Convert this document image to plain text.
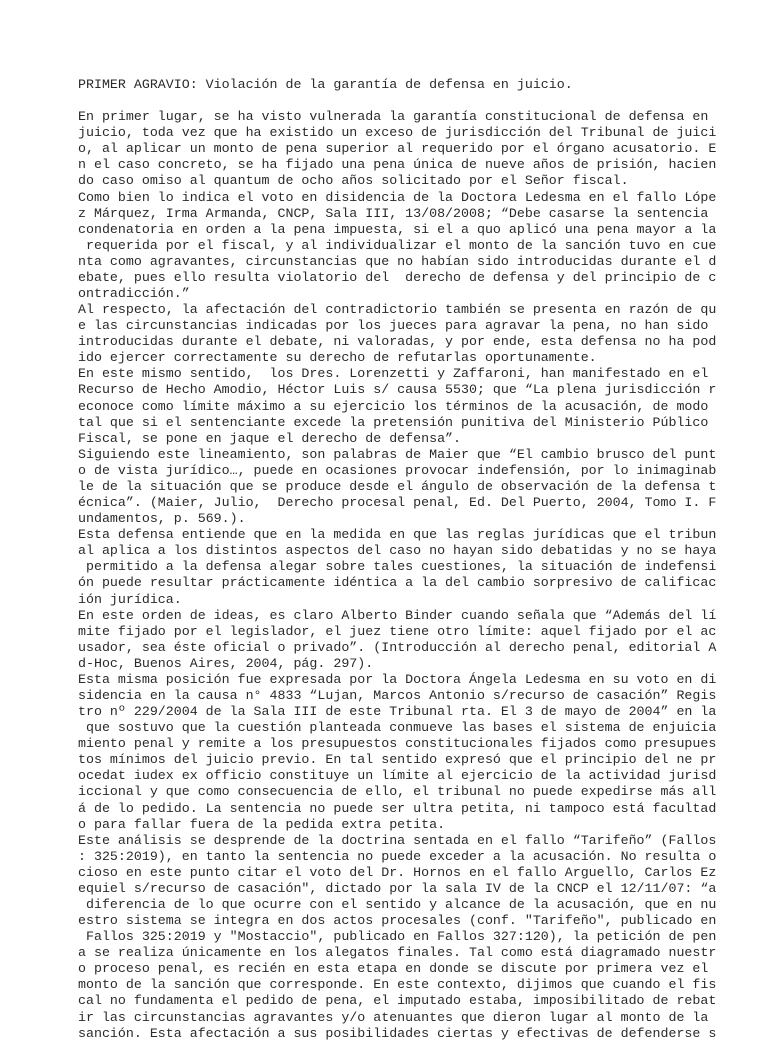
PRIMER AGRAVIO: Violación de la garantía de defensa en juicio.
En primer lugar, se ha visto vulnerada la garantía constitucional de defensa en
juicio, toda vez que ha existido un exceso de jurisdicción del Tribunal de juici
o, al aplicar un monto de pena superior al requerido por el órgano acusatorio. E
n el caso concreto, se ha fijado una pena única de nueve años de prisión, hacien
do caso omiso al quantum de ocho años solicitado por el Señor fiscal.
Como bien lo indica el voto en disidencia de la Doctora Ledesma en el fallo Lópe
z Márquez, Irma Armanda, CNCP, Sala III, 13/08/2008; “Debe casarse la sentencia
condenatoria en orden a la pena impuesta, si el a quo aplicó una pena mayor a la
requerida por el fiscal, y al individualizar el monto de la sanción tuvo en cue
nta como agravantes, circunstancias que no habían sido introducidas durante el d
ebate, pues ello resulta violatorio del  derecho de defensa y del principio de c
ontradicción.”
Al respecto, la afectación del contradictorio también se presenta en razón de qu
e las circunstancias indicadas por los jueces para agravar la pena, no han sido
introducidas durante el debate, ni valoradas, y por ende, esta defensa no ha pod
ido ejercer correctamente su derecho de refutarlas oportunamente.
En este mismo sentido,  los Dres. Lorenzetti y Zaffaroni, han manifestado en el
Recurso de Hecho Amodio, Héctor Luis s/ causa 5530; que “La plena jurisdicción r
econoce como límite máximo a su ejercicio los términos de la acusación, de modo
tal que si el sentenciante excede la pretensión punitiva del Ministerio Público
Fiscal, se pone en jaque el derecho de defensa”.
Siguiendo este lineamiento, son palabras de Maier que “El cambio brusco del punt
o de vista jurídico…, puede en ocasiones provocar indefensión, por lo inimaginab
le de la situación que se produce desde el ángulo de observación de la defensa t
écnica”. (Maier, Julio,  Derecho procesal penal, Ed. Del Puerto, 2004, Tomo I. F
undamentos, p. 569.).
Esta defensa entiende que en la medida en que las reglas jurídicas que el tribun
al aplica a los distintos aspectos del caso no hayan sido debatidas y no se haya
permitido a la defensa alegar sobre tales cuestiones, la situación de indefensi
ón puede resultar prácticamente idéntica a la del cambio sorpresivo de calificac
ión jurídica.
En este orden de ideas, es claro Alberto Binder cuando señala que “Además del lí
mite fijado por el legislador, el juez tiene otro límite: aquel fijado por el ac
usador, sea éste oficial o privado”. (Introducción al derecho penal, editorial A
d-Hoc, Buenos Aires, 2004, pág. 297).
Esta misma posición fue expresada por la Doctora Ángela Ledesma en su voto en di
sidencia en la causa n° 4833 “Lujan, Marcos Antonio s/recurso de casación” Regis
tro nº 229/2004 de la Sala III de este Tribunal rta. El 3 de mayo de 2004” en la
que sostuvo que la cuestión planteada conmueve las bases el sistema de enjuicia
miento penal y remite a los presupuestos constitucionales fijados como presupues
tos mínimos del juicio previo. En tal sentido expresó que el principio del ne pr
ocedat iudex ex officio constituye un límite al ejercicio de la actividad jurisd
iccional y que como consecuencia de ello, el tribunal no puede expedirse más all
á de lo pedido. La sentencia no puede ser ultra petita, ni tampoco está facultad
o para fallar fuera de la pedida extra petita.
Este análisis se desprende de la doctrina sentada en el fallo “Tarifeño” (Fallos
: 325:2019), en tanto la sentencia no puede exceder a la acusación. No resulta o
cioso en este punto citar el voto del Dr. Hornos en el fallo Arguello, Carlos Ez
equiel s/recurso de casación", dictado por la sala IV de la CNCP el 12/11/07: “a
diferencia de lo que ocurre con el sentido y alcance de la acusación, que en nu
estro sistema se integra en dos actos procesales (conf. "Tarifeño", publicado en
Fallos 325:2019 y "Mostaccio", publicado en Fallos 327:120), la petición de pen
a se realiza únicamente en los alegatos finales. Tal como está diagramado nuestr
o proceso penal, es recién en esta etapa en donde se discute por primera vez el
monto de la sanción que corresponde. En este contexto, dijimos que cuando el fis
cal no fundamenta el pedido de pena, el imputado estaba, imposibilitado de rebat
ir las circunstancias agravantes y/o atenuantes que dieron lugar al monto de la
sanción. Esta afectación a sus posibilidades ciertas y efectivas de defenderse s
